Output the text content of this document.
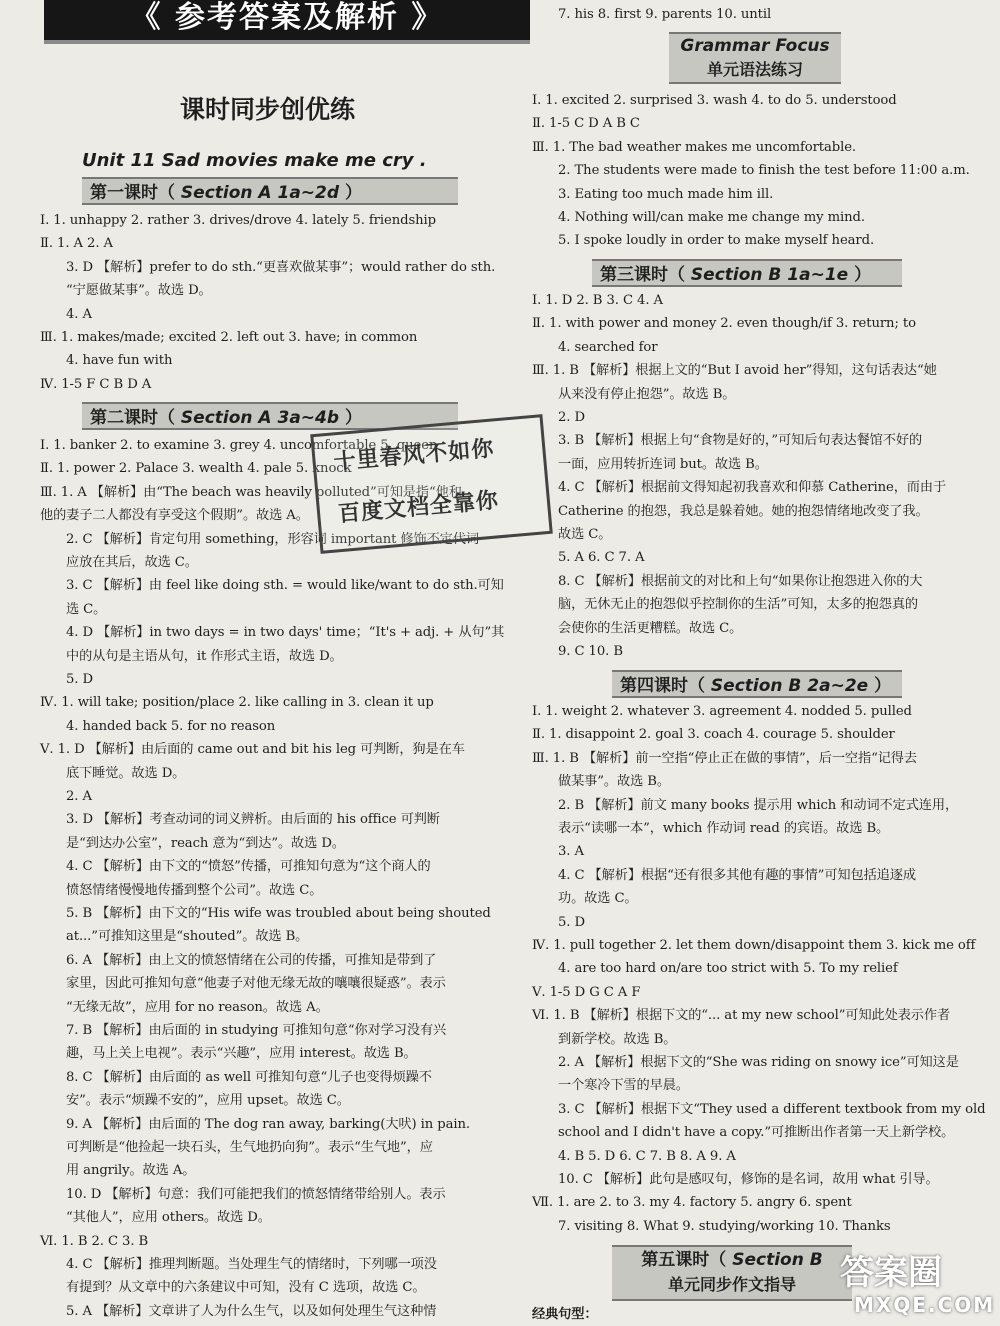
《 参考答案及解析 》
课时同步创优练
Unit 11 Sad movies make me cry .
第一课时（ Section A 1a~2d ）
第二课时（ Section A 3a~4b ）
Ⅰ. 1. unhappy 2. rather 3. drives/drove 4. lately 5. friendship
Ⅱ. 1. A 2. A
3. D 【解析】prefer to do sth.“更喜欢做某事”；would rather do sth.
“宁愿做某事”。故选 D。
4. A
Ⅲ. 1. makes/made; excited 2. left out 3. have; in common
4. have fun with
Ⅳ. 1-5 F C B D A
Ⅰ. 1. banker 2. to examine 3. grey 4. uncomfortable 5. queen
Ⅱ. 1. power 2. Palace 3. wealth 4. pale 5. knock
Ⅲ. 1. A 【解析】由“The beach was heavily polluted”可知是指“他和
他的妻子二人都没有享受这个假期”。故选 A。
2. C 【解析】肯定句用 something，形容词 important 修饰不定代词
应放在其后，故选 C。
3. C 【解析】由 feel like doing sth. = would like/want to do sth.可知
选 C。
4. D 【解析】in two days = in two days' time；“It's + adj. + 从句”其
中的从句是主语从句，it 作形式主语，故选 D。
5. D
Ⅳ. 1. will take; position/place 2. like calling in 3. clean it up
4. handed back 5. for no reason
Ⅴ. 1. D 【解析】由后面的 came out and bit his leg 可判断，狗是在车
底下睡觉。故选 D。
2. A
3. D 【解析】考查动词的词义辨析。由后面的 his office 可判断
是“到达办公室”，reach 意为“到达”。故选 D。
4. C 【解析】由下文的“愤怒”传播，可推知句意为“这个商人的
愤怒情绪慢慢地传播到整个公司”。故选 C。
5. B 【解析】由下文的“His wife was troubled about being shouted
at...”可推知这里是“shouted”。故选 B。
6. A 【解析】由上文的愤怒情绪在公司的传播，可推知是带到了
家里，因此可推知句意“他妻子对他无缘无故的嚷嚷很疑惑”。表示
“无缘无故”，应用 for no reason。故选 A。
7. B 【解析】由后面的 in studying 可推知句意“你对学习没有兴
趣，马上关上电视”。表示“兴趣”，应用 interest。故选 B。
8. C 【解析】由后面的 as well 可推知句意“儿子也变得烦躁不
安”。表示“烦躁不安的”，应用 upset。故选 C。
9. A 【解析】由后面的 The dog ran away, barking(大吠) in pain.
可判断是“他捡起一块石头，生气地扔向狗”。表示“生气地”，应
用 angrily。故选 A。
10. D 【解析】句意：我们可能把我们的愤怒情绪带给别人。表示
“其他人”，应用 others。故选 D。
Ⅵ. 1. B 2. C 3. B
4. C 【解析】推理判断题。当处理生气的情绪时，下列哪一项没
有提到？从文章中的六条建议中可知，没有 C 选项，故选 C。
5. A 【解析】文章讲了人为什么生气，以及如何处理生气这种情
7. his 8. first 9. parents 10. until
Grammar Focus
单元语法练习
Ⅰ. 1. excited 2. surprised 3. wash 4. to do 5. understood
Ⅱ. 1-5 C D A B C
Ⅲ. 1. The bad weather makes me uncomfortable.
2. The students were made to finish the test before 11:00 a.m.
3. Eating too much made him ill.
4. Nothing will/can make me change my mind.
5. I spoke loudly in order to make myself heard.
第三课时（ Section B 1a~1e ）
Ⅰ. 1. D 2. B 3. C 4. A
Ⅱ. 1. with power and money 2. even though/if 3. return; to
4. searched for
Ⅲ. 1. B 【解析】根据上文的“But I avoid her”得知，这句话表达“她
从来没有停止抱怨”。故选 B。
2. D
3. B 【解析】根据上句“食物是好的，”可知后句表达餐馆不好的
一面，应用转折连词 but。故选 B。
4. C 【解析】根据前文得知起初我喜欢和仰慕 Catherine，而由于
Catherine 的抱怨，我总是躲着她。她的抱怨情绪地改变了我。
故选 C。
5. A 6. C 7. A
8. C 【解析】根据前文的对比和上句“如果你让抱怨进入你的大
脑，无休无止的抱怨似乎控制你的生活”可知，太多的抱怨真的
会使你的生活更糟糕。故选 C。
9. C 10. B
第四课时（ Section B 2a~2e ）
Ⅰ. 1. weight 2. whatever 3. agreement 4. nodded 5. pulled
Ⅱ. 1. disappoint 2. goal 3. coach 4. courage 5. shoulder
Ⅲ. 1. B 【解析】前一空指“停止正在做的事情”，后一空指“记得去
做某事”。故选 B。
2. B 【解析】前文 many books 提示用 which 和动词不定式连用，
表示“读哪一本”，which 作动词 read 的宾语。故选 B。
3. A
4. C 【解析】根据“还有很多其他有趣的事情”可知包括追逐成
功。故选 C。
5. D
Ⅳ. 1. pull together 2. let them down/disappoint them 3. kick me off
4. are too hard on/are too strict with 5. To my relief
Ⅴ. 1-5 D G C A F
Ⅵ. 1. B 【解析】根据下文的“... at my new school”可知此处表示作者
到新学校。故选 B。
2. A 【解析】根据下文的“She was riding on snowy ice”可知这是
一个寒冷下雪的早晨。
3. C 【解析】根据下文“They used a different textbook from my old
school and I didn't have a copy.”可推断出作者第一天上新学校。
4. B 5. D 6. C 7. B 8. A 9. A
10. C 【解析】此句是感叹句，修饰的是名词，故用 what 引导。
Ⅶ. 1. are 2. to 3. my 4. factory 5. angry 6. spent
7. visiting 8. What 9. studying/working 10. Thanks
第五课时（ Section B
单元同步作文指导
经典句型：
十里春风不如你
百度文档全靠你
答案圈
MXQE.COM
